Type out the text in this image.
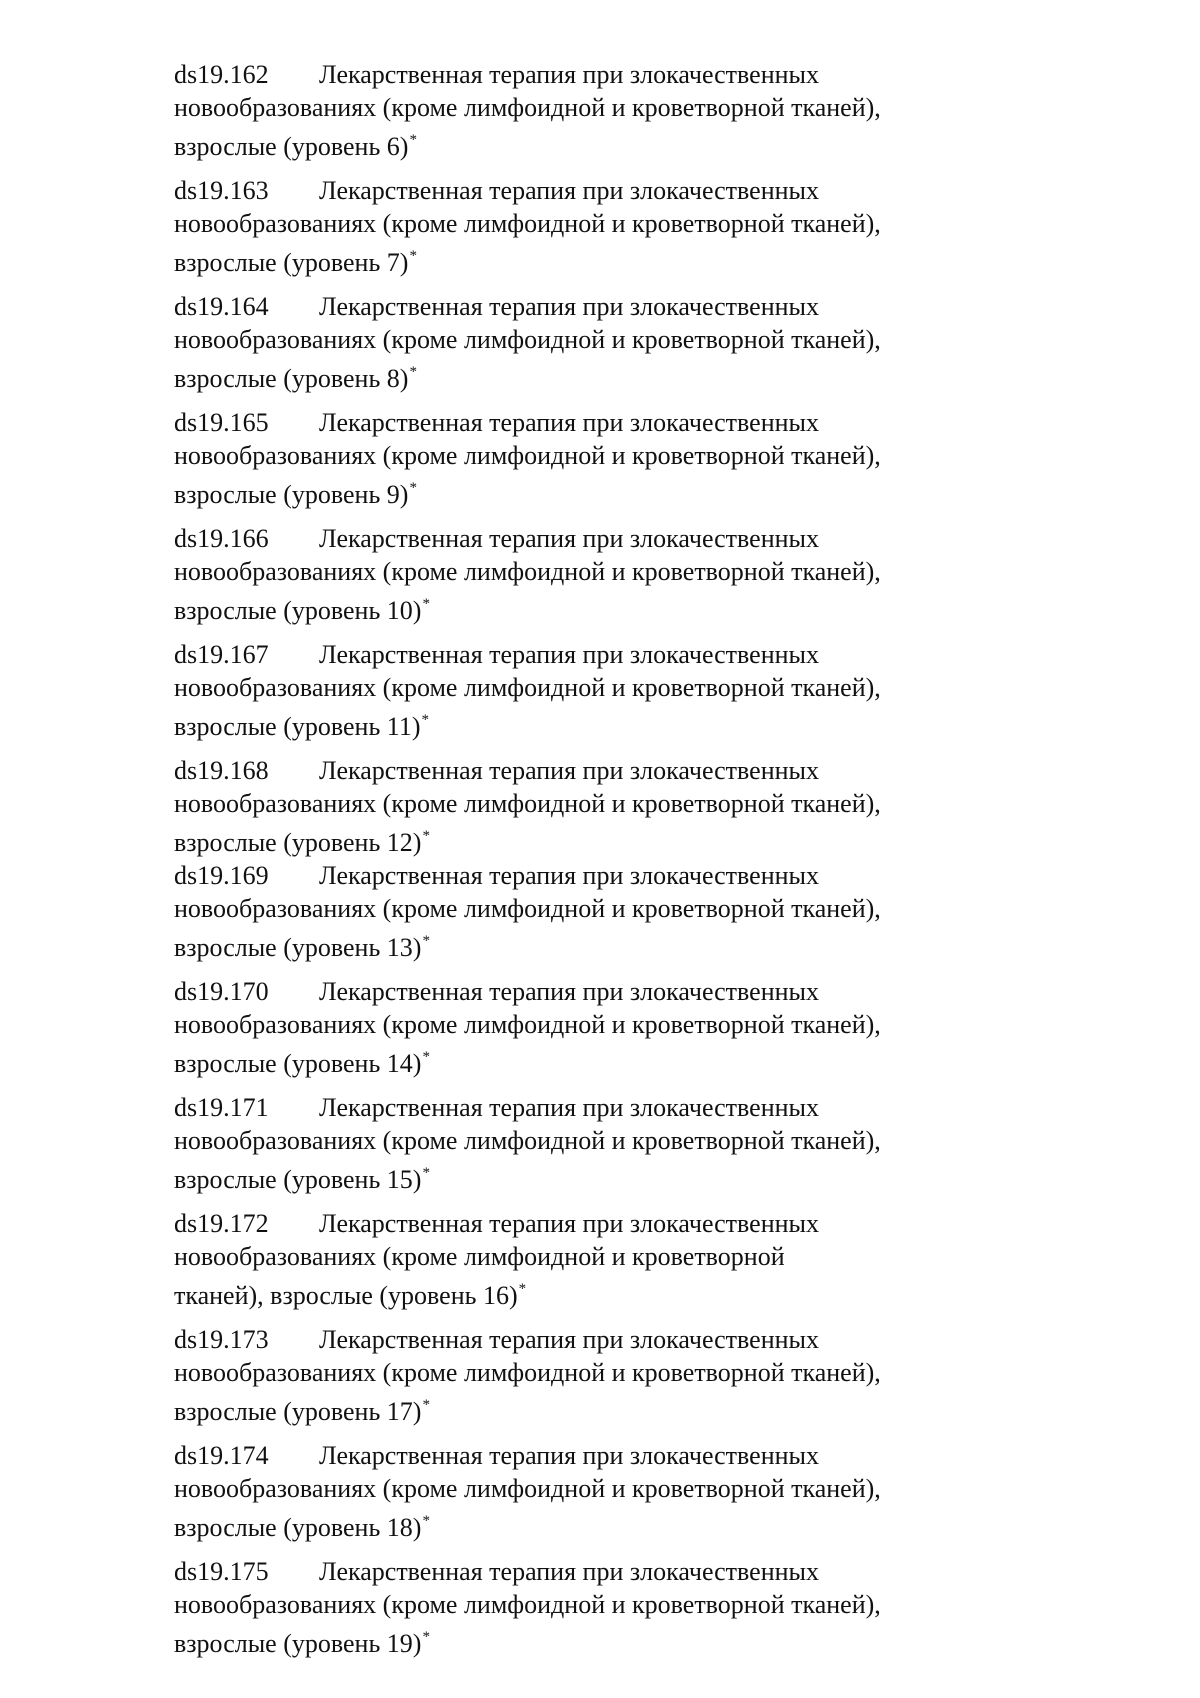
ds19.162 Лекарственная терапия при злокачественных
новообразованиях (кроме лимфоидной и кроветворной тканей),
взрослые (уровень 6)*
ds19.163 Лекарственная терапия при злокачественных
новообразованиях (кроме лимфоидной и кроветворной тканей),
взрослые (уровень 7)*
ds19.164 Лекарственная терапия при злокачественных
новообразованиях (кроме лимфоидной и кроветворной тканей),
взрослые (уровень 8)*
ds19.165 Лекарственная терапия при злокачественных
новообразованиях (кроме лимфоидной и кроветворной тканей),
взрослые (уровень 9)*
ds19.166 Лекарственная терапия при злокачественных
новообразованиях (кроме лимфоидной и кроветворной тканей),
взрослые (уровень 10)*
ds19.167 Лекарственная терапия при злокачественных
новообразованиях (кроме лимфоидной и кроветворной тканей),
взрослые (уровень 11)*
ds19.168 Лекарственная терапия при злокачественных
новообразованиях (кроме лимфоидной и кроветворной тканей),
взрослые (уровень 12)*
ds19.169 Лекарственная терапия при злокачественных
новообразованиях (кроме лимфоидной и кроветворной тканей),
взрослые (уровень 13)*
ds19.170 Лекарственная терапия при злокачественных
новообразованиях (кроме лимфоидной и кроветворной тканей),
взрослые (уровень 14)*
ds19.171 Лекарственная терапия при злокачественных
новообразованиях (кроме лимфоидной и кроветворной тканей),
взрослые (уровень 15)*
ds19.172 Лекарственная терапия при злокачественных
новообразованиях (кроме лимфоидной и кроветворной
тканей), взрослые (уровень 16)*
ds19.173 Лекарственная терапия при злокачественных
новообразованиях (кроме лимфоидной и кроветворной тканей),
взрослые (уровень 17)*
ds19.174 Лекарственная терапия при злокачественных
новообразованиях (кроме лимфоидной и кроветворной тканей),
взрослые (уровень 18)*
ds19.175 Лекарственная терапия при злокачественных
новообразованиях (кроме лимфоидной и кроветворной тканей),
взрослые (уровень 19)*
